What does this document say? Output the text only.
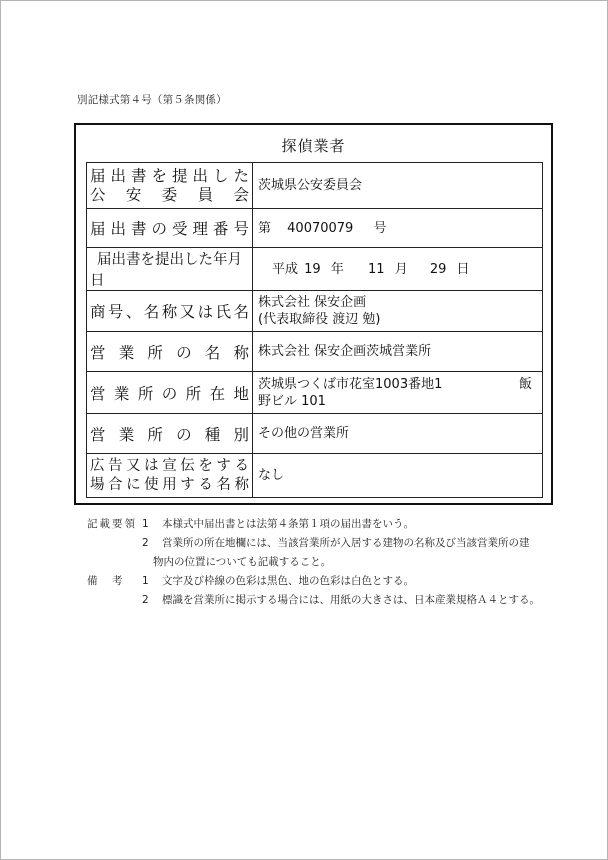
別記様式第４号（第５条関係）
探偵業者
届出書を提出した
公安委員会	茨城県公安委員会

届出書の受理番号	第 40070079 号

届出書を提出した年月日	平成 19 年 11 月 29 日

商号、名称又は氏名	株式会社 保安企画
(代表取締役 渡辺 勉)

営業所の名称	株式会社 保安企画茨城営業所

営業所の所在地	茨城県つくば市花室1003番地1 飯
野ビル 101

営業所の種別	その他の営業所

広告又は宣伝をする
場合に使用する名称	なし
記載要領 1 本様式中届出書とは法第４条第１項の届出書をいう。
2 営業所の所在地欄には、当該営業所が入居する建物の名称及び当該営業所の建
物内の位置についても記載すること。
備　考 1 文字及び枠線の色彩は黒色、地の色彩は白色とする。
2 標識を営業所に掲示する場合には、用紙の大きさは、日本産業規格Ａ４とする。
